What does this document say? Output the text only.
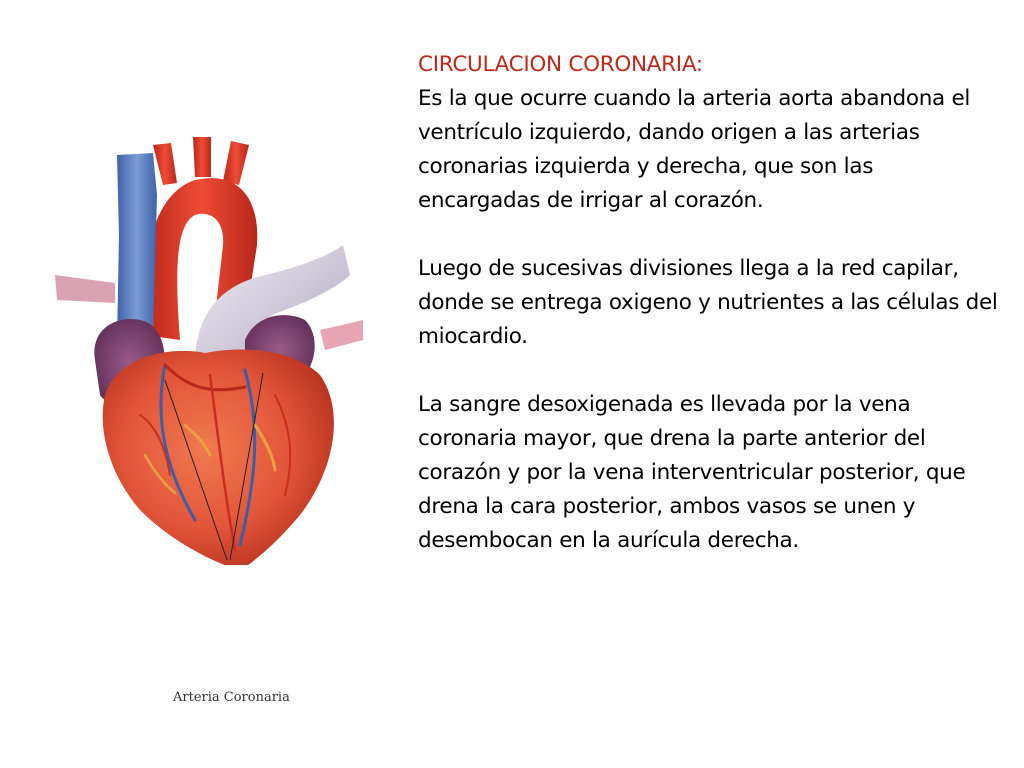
Arteria Coronaria
CIRCULACION CORONARIA:

Es la que ocurre cuando la arteria aorta abandona el ventrículo izquierdo, dando origen a las arterias coronarias izquierda y derecha, que son las encargadas de irrigar al corazón.

Luego de sucesivas divisiones llega a la red capilar, donde se entrega oxigeno y nutrientes a las células del miocardio.

La sangre desoxigenada es llevada por la vena coronaria mayor, que drena la parte anterior del corazón y por la vena interventricular posterior, que drena la cara posterior, ambos vasos se unen y desembocan en la aurícula derecha.
